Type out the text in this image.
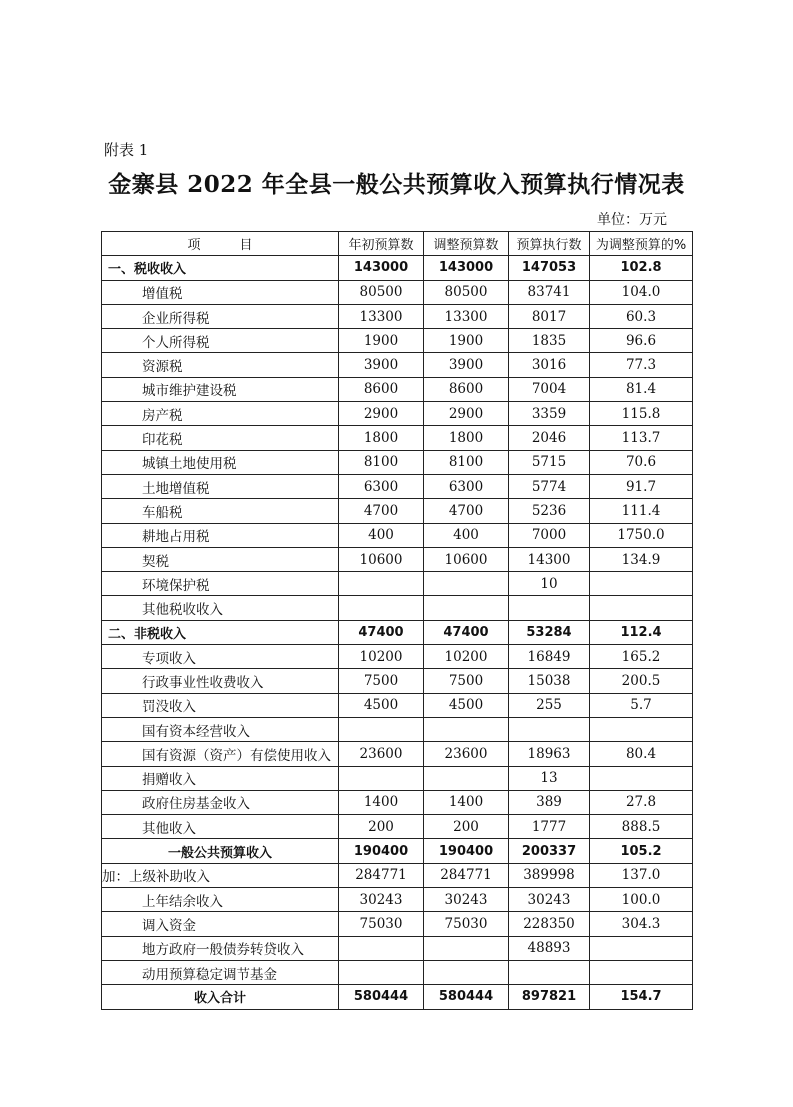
附表 1
金寨县 2022 年全县一般公共预算收入预算执行情况表
单位：万元
项　　　目	年初预算数	调整预算数	预算执行数	为调整预算的%
一、税收收入	143000	143000	147053	102.8
增值税	80500	80500	83741	104.0
企业所得税	13300	13300	8017	60.3
个人所得税	1900	1900	1835	96.6
资源税	3900	3900	3016	77.3
城市维护建设税	8600	8600	7004	81.4
房产税	2900	2900	3359	115.8
印花税	1800	1800	2046	113.7
城镇土地使用税	8100	8100	5715	70.6
土地增值税	6300	6300	5774	91.7
车船税	4700	4700	5236	111.4
耕地占用税	400	400	7000	1750.0
契税	10600	10600	14300	134.9
环境保护税			10	
其他税收收入				
二、非税收入	47400	47400	53284	112.4
专项收入	10200	10200	16849	165.2
行政事业性收费收入	7500	7500	15038	200.5
罚没收入	4500	4500	255	5.7
国有资本经营收入				
国有资源（资产）有偿使用收入	23600	23600	18963	80.4
捐赠收入			13	
政府住房基金收入	1400	1400	389	27.8
其他收入	200	200	1777	888.5
一般公共预算收入	190400	190400	200337	105.2
加：上级补助收入	284771	284771	389998	137.0
上年结余收入	30243	30243	30243	100.0
调入资金	75030	75030	228350	304.3
地方政府一般债券转贷收入			48893	
动用预算稳定调节基金				
收入合计	580444	580444	897821	154.7
